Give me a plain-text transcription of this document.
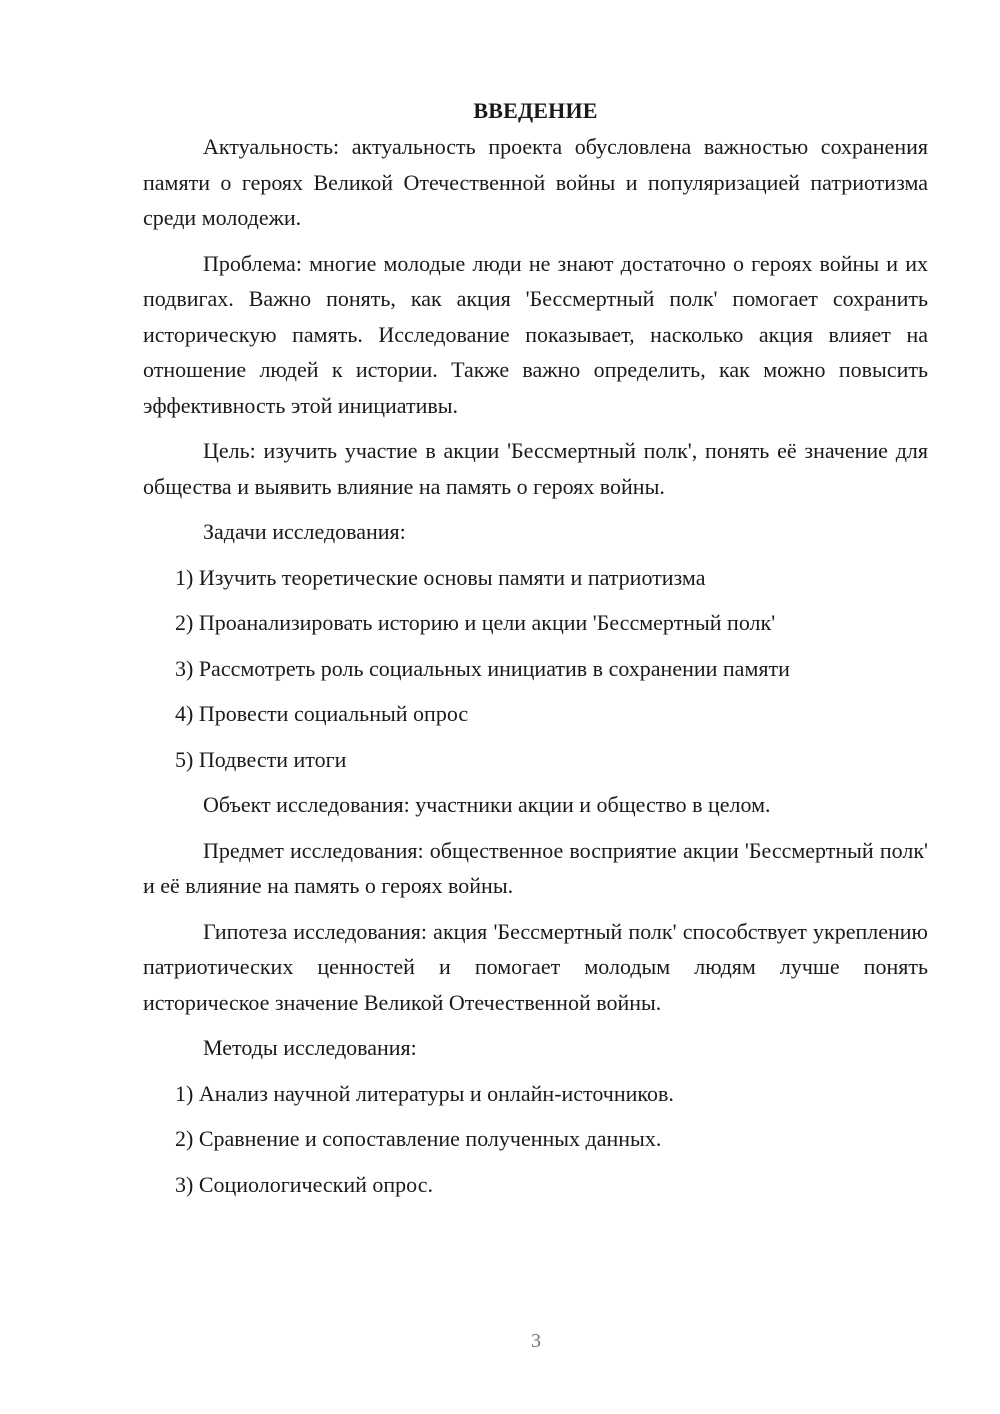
ВВЕДЕНИЕ

Актуальность: актуальность проекта обусловлена важностью сохранения памяти о героях Великой Отечественной войны и популяризацией патриотизма среди молодежи.

Проблема: многие молодые люди не знают достаточно о героях войны и их подвигах. Важно понять, как акция 'Бессмертный полк' помогает сохранить историческую память. Исследование показывает, насколько акция влияет на отношение людей к истории. Также важно определить, как можно повысить эффективность этой инициативы.

Цель: изучить участие в акции 'Бессмертный полк', понять её значение для общества и выявить влияние на память о героях войны.

Задачи исследования:

1) Изучить теоретические основы памяти и патриотизма
2) Проанализировать историю и цели акции 'Бессмертный полк'
3) Рассмотреть роль социальных инициатив в сохранении памяти
4) Провести социальный опрос
5) Подвести итоги

Объект исследования: участники акции и общество в целом.

Предмет исследования: общественное восприятие акции 'Бессмертный полк' и её влияние на память о героях войны.

Гипотеза исследования: акция 'Бессмертный полк' способствует укреплению патриотических ценностей и помогает молодым людям лучше понять историческое значение Великой Отечественной войны.

Методы исследования:

1) Анализ научной литературы и онлайн-источников.
2) Сравнение и сопоставление полученных данных.
3) Социологический опрос.
3
